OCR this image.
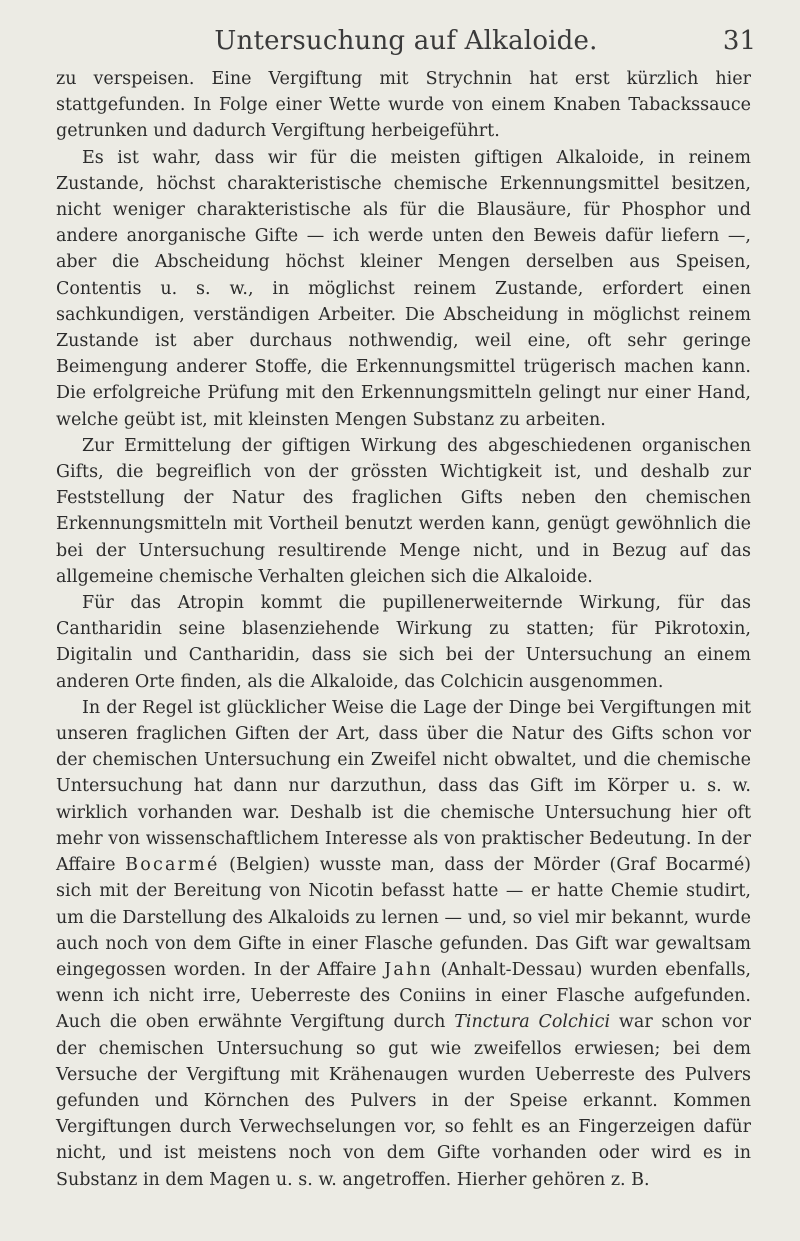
Untersuchung auf Alkaloide.	31

zu verspeisen. Eine Vergiftung mit Strychnin hat erst kürzlich hier stattgefunden. In Folge einer Wette wurde von einem Knaben Tabackssauce getrunken und dadurch Vergiftung herbeigeführt.

Es ist wahr, dass wir für die meisten giftigen Alkaloide, in reinem Zustande, höchst charakteristische chemische Erkennungsmittel besitzen, nicht weniger charakteristische als für die Blausäure, für Phosphor und andere anorganische Gifte — ich werde unten den Beweis dafür liefern —, aber die Abscheidung höchst kleiner Mengen derselben aus Speisen, Contentis u. s. w., in möglichst reinem Zustande, erfordert einen sachkundigen, verständigen Arbeiter. Die Abscheidung in möglichst reinem Zustande ist aber durchaus nothwendig, weil eine, oft sehr geringe Beimengung anderer Stoffe, die Erkennungsmittel trügerisch machen kann. Die erfolgreiche Prüfung mit den Erkennungsmitteln gelingt nur einer Hand, welche geübt ist, mit kleinsten Mengen Substanz zu arbeiten.

Zur Ermittelung der giftigen Wirkung des abgeschiedenen organischen Gifts, die begreiflich von der grössten Wichtigkeit ist, und deshalb zur Feststellung der Natur des fraglichen Gifts neben den chemischen Erkennungsmitteln mit Vortheil benutzt werden kann, genügt gewöhnlich die bei der Untersuchung resultirende Menge nicht, und in Bezug auf das allgemeine chemische Verhalten gleichen sich die Alkaloide.

Für das Atropin kommt die pupillenerweiternde Wirkung, für das Cantharidin seine blasenziehende Wirkung zu statten; für Pikrotoxin, Digitalin und Cantharidin, dass sie sich bei der Untersuchung an einem anderen Orte finden, als die Alkaloide, das Colchicin ausgenommen.

In der Regel ist glücklicher Weise die Lage der Dinge bei Vergiftungen mit unseren fraglichen Giften der Art, dass über die Natur des Gifts schon vor der chemischen Untersuchung ein Zweifel nicht obwaltet, und die chemische Untersuchung hat dann nur darzuthun, dass das Gift im Körper u. s. w. wirklich vorhanden war. Deshalb ist die chemische Untersuchung hier oft mehr von wissenschaftlichem Interesse als von praktischer Bedeutung. In der Affaire Bocarmé (Belgien) wusste man, dass der Mörder (Graf Bocarmé) sich mit der Bereitung von Nicotin befasst hatte — er hatte Chemie studirt, um die Darstellung des Alkaloids zu lernen — und, so viel mir bekannt, wurde auch noch von dem Gifte in einer Flasche gefunden. Das Gift war gewaltsam eingegossen worden. In der Affaire Jahn (Anhalt-Dessau) wurden ebenfalls, wenn ich nicht irre, Ueberreste des Coniins in einer Flasche aufgefunden. Auch die oben erwähnte Vergiftung durch Tinctura Colchici war schon vor der chemischen Untersuchung so gut wie zweifellos erwiesen; bei dem Versuche der Vergiftung mit Krähenaugen wurden Ueberreste des Pulvers gefunden und Körnchen des Pulvers in der Speise erkannt. Kommen Vergiftungen durch Verwechselungen vor, so fehlt es an Fingerzeigen dafür nicht, und ist meistens noch von dem Gifte vorhanden oder wird es in Substanz in dem Magen u. s. w. angetroffen. Hierher gehören z. B.
